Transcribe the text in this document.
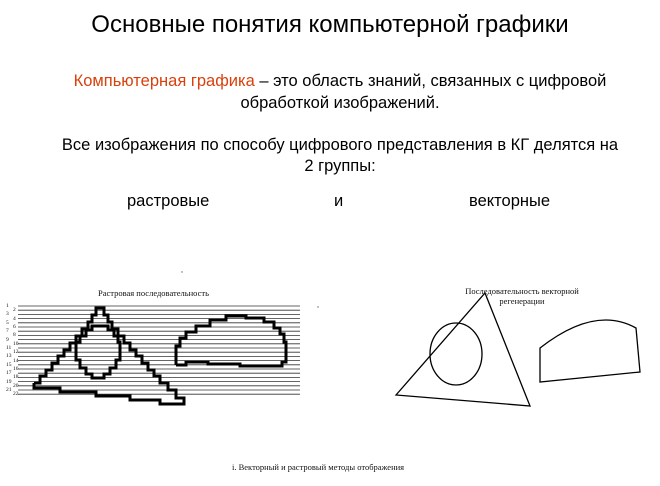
Основные понятия компьютерной графики
Компьютерная графика – это область знаний, связанных с цифровой
обработкой изображений.
Все изображения по способу цифрового представления в КГ делятся на
2 группы:
растровые	и	векторные
Растровая последовательность	Последовательность векторной
регенерации
і. Векторный и растровый методы отображения
1
2
3
4
5
6
7
8
9
10
11
12
13
14
15
16
17
18
19
20
21
22
